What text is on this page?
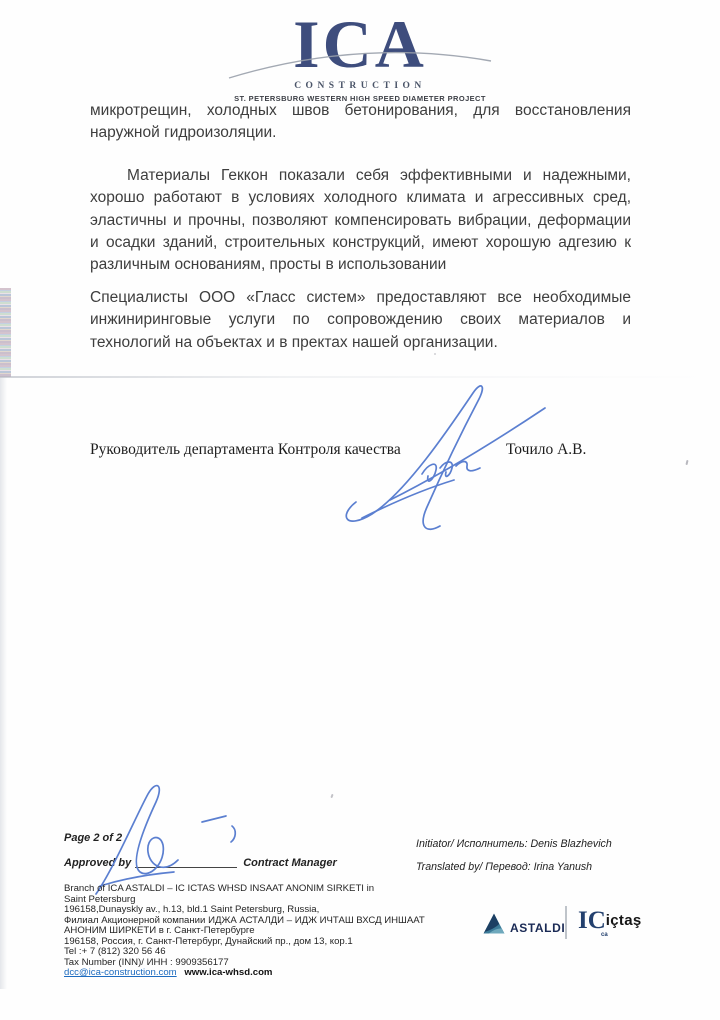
ICA
CONSTRUCTION
ST. PETERSBURG WESTERN HIGH SPEED DIAMETER PROJECT

микротрещин, холодных швов бетонирования, для восстановления наружной гидроизоляции.

Материалы Геккон показали себя эффективными и надежными, хорошо работают в условиях холодного климата и агрессивных сред, эластичны и прочны, позволяют компенсировать вибрации, деформации и осадки зданий, строительных конструкций, имеют хорошую адгезию к различным основаниям, просты в использовании

Специалисты ООО «Гласс систем» предоставляют все необходимые инжиниринговые услуги по сопровождению своих материалов и технологий на объектах и в пректах нашей организации.

Руководитель департамента Контроля качества	Точило А.В.
Page 2 of 2
Approved by	Contract Manager
Branch of ICA ASTALDI – IC ICTAS WHSD INSAAT ANONIM SIRKETI in
Saint Petersburg
196158,Dunayskly av., h.13, bld.1 Saint Petersburg, Russia,
Филиал Акционерной компании ИДЖА АСТАЛДИ – ИДЖ ИЧТАШ ВХСД ИНШААТ
АНОНИМ ШИРКЕТИ в г. Санкт-Петербурге
196158, Россия, г. Санкт-Петербург, Дунайский пр., дом 13, кор.1
Tel :+ 7 (812) 320 56 46
Tax Number (INN)/ ИНН : 9909356177
dcc@ica-construction.com www.ica-whsd.com
Initiator/ Исполнитель: Denis Blazhevich
Translated by/ Перевод: Irina Yanush
ASTALDI IC
ca
içtaş
